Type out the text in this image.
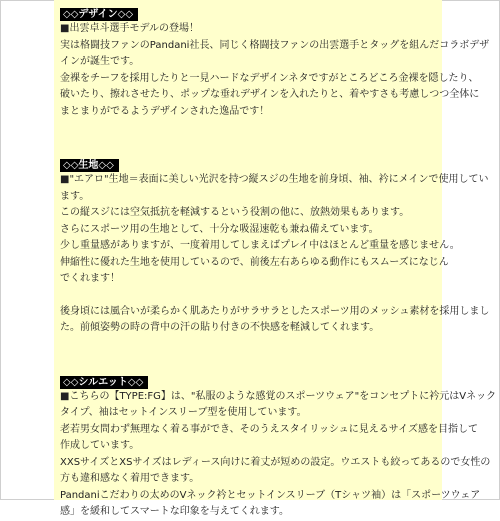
◇◇デザイン◇◇
■出雲卓斗選手モデルの登場！
実は格闘技ファンのPandani社長、同じく格闘技ファンの出雲選手とタッグを組んだコラボデザ
インが誕生です。
金裸をチーフを採用したりと一見ハードなデザインネタですがところどころ金裸を隠したり、
破いたり、擦れさせたり、ポップな垂れデザインを入れたりと、着やすさも考慮しつつ全体に
まとまりがでるようデザインされた逸品です！
◇◇生地◇◇
■"エアロ"生地＝表面に美しい光沢を持つ縦スジの生地を前身頃、袖、衿にメインで使用してい
ます。
この縦スジには空気抵抗を軽減するという役割の他に、放熱効果もあります。
さらにスポーツ用の生地として、十分な吸湿速乾も兼ね備えています。
少し重量感がありますが、一度着用してしまえばプレイ中はほとんど重量を感じません。
伸縮性に優れた生地を使用しているので、前後左右あらゆる動作にもスムーズになじん
でくれます！
後身頃には風合いが柔らかく肌あたりがサラサラとしたスポーツ用のメッシュ素材を採用しまし
た。前傾姿勢の時の背中の汗の貼り付きの不快感を軽減してくれます。
◇◇シルエット◇◇
■こちらの【TYPE:FG】は、"私服のような感覚のスポーツウェア"をコンセプトに衿元はVネック
タイプ、袖はセットインスリーブ型を使用しています。
老若男女問わず無理なく着る事ができ、そのうえスタイリッシュに見えるサイズ感を目指して
作成しています。
XXSサイズとXSサイズはレディース向けに着丈が短めの設定。ウエストも絞ってあるので女性の
方も違和感なく着用できます。
Pandaniこだわりの太めのVネック衿とセットインスリーブ（Tシャツ袖）は「スポーツウェア
感」を緩和してスマートな印象を与えてくれます。
